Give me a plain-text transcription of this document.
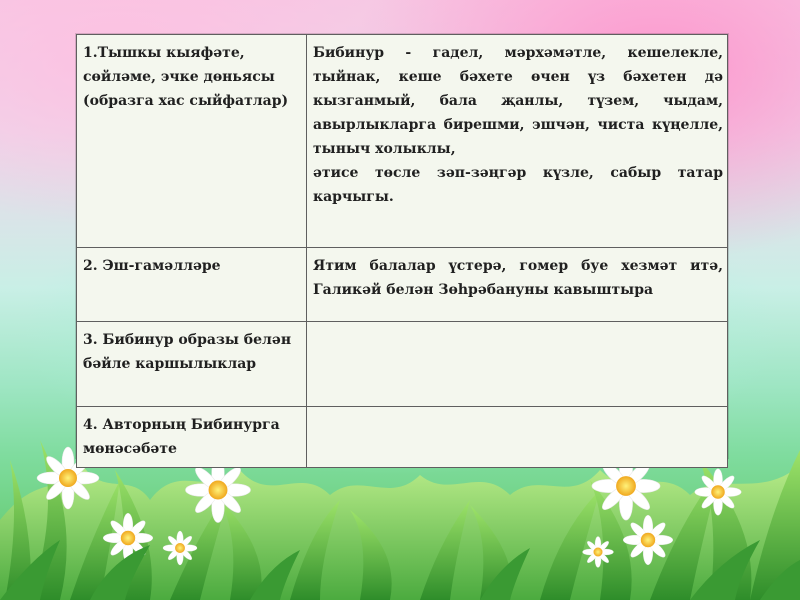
1.Тышкы кыяфәте, сөйләме, эчке дөньясы (образга хас сыйфатлар)	Бибинур - гадел, мәрхәмәтле, кешелекле, тыйнак, кеше бәхете өчен үз бәхетен дә кызганмый, бала җанлы, түзем, чыдам, авырлыкларга бирешми, эшчән, чиста күңелле, тыныч холыклы,
әтисе төсле зәп-зәңгәр күзле, сабыр татар карчыгы.

2. Эш-гамәлләре	Ятим балалар үстерә, гомер буе хезмәт итә, Галикәй белән Зөһрәбануны кавыштыра

3. Бибинур образы белән бәйле каршылыклар	

4. Авторның Бибинурга мөнәсәбәте	
